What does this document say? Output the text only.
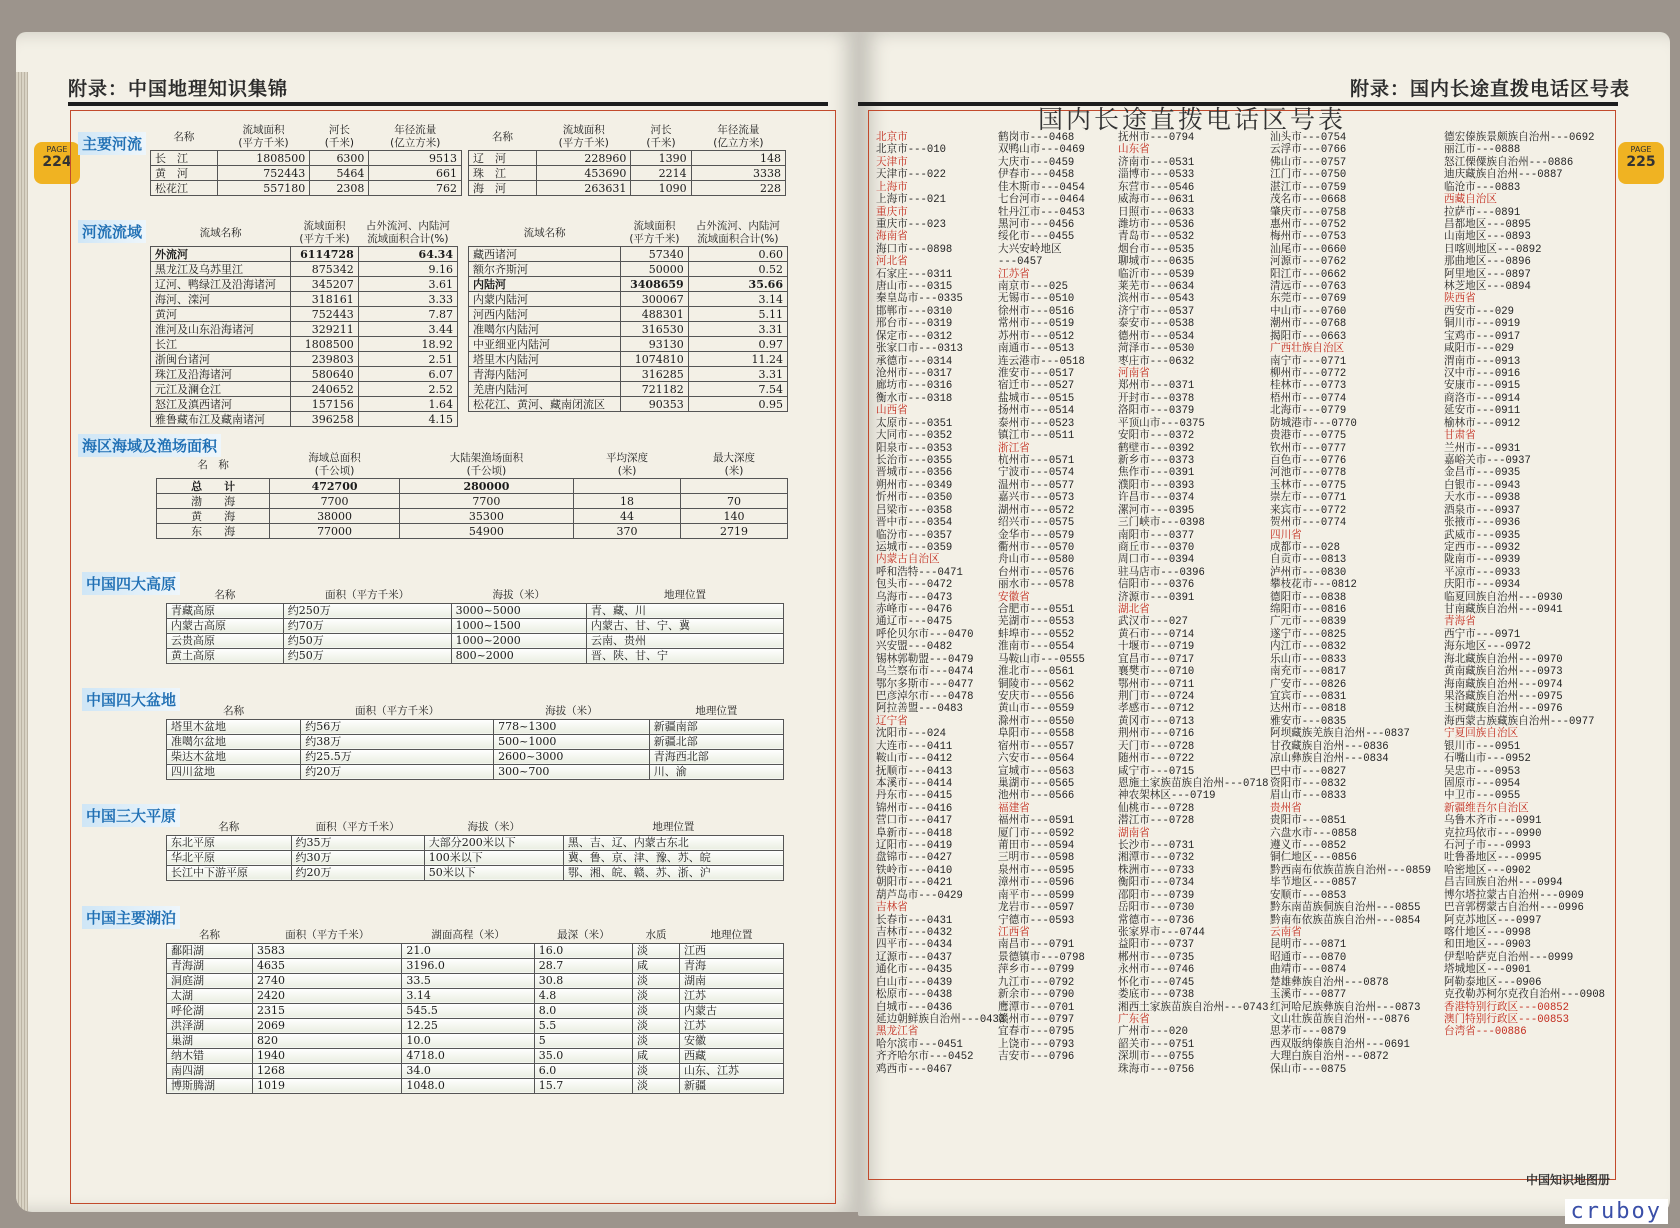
附录：中国地理知识集锦
PAGE
224
主要河流	名称	流域面积
(平方千米)	河长
(千米)	年径流量
(亿立方米)
长　江	1808500	6300	9513
黄　河	752443	5464	661
松花江	557180	2308	762
名称	流域面积
(平方千米)	河长
(千米)	年径流量
(亿立方米)
辽　河	228960	1390	148
珠　江	453690	2214	3338
海　河	263631	1090	228
河流流域	流域名称	流域面积
(平方千米)	占外流河、内陆河
流域面积合计(%)
外流河	6114728	64.34
黑龙江及乌苏里江	875342	9.16
辽河、鸭绿江及沿海诸河	345207	3.61
海河、滦河	318161	3.33
黄河	752443	7.87
淮河及山东沿海诸河	329211	3.44
长江	1808500	18.92
浙闽台诸河	239803	2.51
珠江及沿海诸河	580640	6.07
元江及澜仓江	240652	2.52
怒江及滇西诸河	157156	1.64
雅鲁藏布江及藏南诸河	396258	4.15
流域名称	流域面积
(平方千米)	占外流河、内陆河
流域面积合计(%)
藏西诸河	57340	0.60
额尔齐斯河	50000	0.52
内陆河	3408659	35.66
内蒙内陆河	300067	3.14
河西内陆河	488301	5.11
准噶尔内陆河	316530	3.31
中亚细亚内陆河	93130	0.97
塔里木内陆河	1074810	11.24
青海内陆河	316285	3.31
羌唐内陆河	721182	7.54
松花江、黄河、藏南闭流区	90353	0.95
海区海域及渔场面积
名　称	海域总面积
(千公顷)	大陆架渔场面积
(千公顷)	平均深度
(米)	最大深度
(米)
总　　计	472700	280000		
渤　　海	7700	7700	18	70
黄　　海	38000	35300	44	140
东　　海	77000	54900	370	2719
中国四大高原
名称	面积（平方千米）	海拔（米）	地理位置
青藏高原	约250万	3000~5000	青、藏、川
内蒙古高原	约70万	1000~1500	内蒙古、甘、宁、冀
云贵高原	约50万	1000~2000	云南、贵州
黄土高原	约50万	800~2000	晋、陕、甘、宁
中国四大盆地
名称	面积（平方千米）	海拔（米）	地理位置
塔里木盆地	约56万	778~1300	新疆南部
准噶尔盆地	约38万	500~1000	新疆北部
柴达木盆地	约25.5万	2600~3000	青海西北部
四川盆地	约20万	300~700	川、渝
中国三大平原
名称	面积（平方千米）	海拔（米）	地理位置
东北平原	约35万	大部分200米以下	黑、吉、辽、内蒙古东北
华北平原	约30万	100米以下	冀、鲁、京、津、豫、苏、皖
长江中下游平原	约20万	50米以下	鄂、湘、皖、赣、苏、浙、沪
中国主要湖泊
名称	面积（平方千米）	湖面高程（米）	最深（米）	水质	地理位置
鄱阳湖	3583	21.0	16.0	淡	江西
青海湖	4635	3196.0	28.7	咸	青海
洞庭湖	2740	33.5	30.8	淡	湖南
太湖	2420	3.14	4.8	淡	江苏
呼伦湖	2315	545.5	8.0	淡	内蒙古
洪泽湖	2069	12.25	5.5	淡	江苏
巢湖	820	10.0	5	淡	安徽
纳木错	1940	4718.0	35.0	咸	西藏
南四湖	1268	34.0	6.0	淡	山东、江苏
博斯腾湖	1019	1048.0	15.7	淡	新疆
附录：国内长途直拨电话区号表
PAGE
225
国内长途直拨电话区号表
北京市
北京市---010
天津市
天津市---022
上海市
上海市---021
重庆市
重庆市---023
海南省
海口市---0898
河北省
石家庄---0311
唐山市---0315
秦皇岛市---0335
邯郸市---0310
邢台市---0319
保定市---0312
张家口市---0313
承德市---0314
沧州市---0317
廊坊市---0316
衡水市---0318
山西省
太原市---0351
大同市---0352
阳泉市---0353
长治市---0355
晋城市---0356
朔州市---0349
忻州市---0350
吕梁市---0358
晋中市---0354
临汾市---0357
运城市---0359
内蒙古自治区
呼和浩特---0471
包头市---0472
乌海市---0473
赤峰市---0476
通辽市---0475
呼伦贝尔市---0470
兴安盟---0482
锡林郭勒盟---0479
乌兰察布市---0474
鄂尔多斯市---0477
巴彦淖尔市---0478
阿拉善盟---0483
辽宁省
沈阳市---024
大连市---0411
鞍山市---0412
抚顺市---0413
本溪市---0414
丹东市---0415
锦州市---0416
营口市---0417
阜新市---0418
辽阳市---0419
盘锦市---0427
铁岭市---0410
朝阳市---0421
葫芦岛市---0429
吉林省
长春市---0431
吉林市---0432
四平市---0434
辽源市---0437
通化市---0435
白山市---0439
松原市---0438
白城市---0436
延边朝鲜族自治州---0433
黑龙江省
哈尔滨市---0451
齐齐哈尔市---0452
鸡西市---0467
鹤岗市---0468
双鸭山市---0469
大庆市---0459
伊春市---0458
佳木斯市---0454
七台河市---0464
牡丹江市---0453
黑河市---0456
绥化市---0455
大兴安岭地区
---0457
江苏省
南京市---025
无锡市---0510
徐州市---0516
常州市---0519
苏州市---0512
南通市---0513
连云港市---0518
淮安市---0517
宿迁市---0527
盐城市---0515
扬州市---0514
泰州市---0523
镇江市---0511
浙江省
杭州市---0571
宁波市---0574
温州市---0577
嘉兴市---0573
湖州市---0572
绍兴市---0575
金华市---0579
衢州市---0570
舟山市---0580
台州市---0576
丽水市---0578
安徽省
合肥市---0551
芜湖市---0553
蚌埠市---0552
淮南市---0554
马鞍山市---0555
淮北市---0561
铜陵市---0562
安庆市---0556
黄山市---0559
滁州市---0550
阜阳市---0558
宿州市---0557
六安市---0564
宣城市---0563
巢湖市---0565
池州市---0566
福建省
福州市---0591
厦门市---0592
莆田市---0594
三明市---0598
泉州市---0595
漳州市---0596
南平市---0599
龙岩市---0597
宁德市---0593
江西省
南昌市---0791
景德镇市---0798
萍乡市---0799
九江市---0792
新余市---0790
鹰潭市---0701
赣州市---0797
宜春市---0795
上饶市---0793
吉安市---0796
抚州市---0794
山东省
济南市---0531
淄博市---0533
东营市---0546
威海市---0631
日照市---0633
潍坊市---0536
青岛市---0532
烟台市---0535
聊城市---0635
临沂市---0539
莱芜市---0634
滨州市---0543
济宁市---0537
泰安市---0538
德州市---0534
菏泽市---0530
枣庄市---0632
河南省
郑州市---0371
开封市---0378
洛阳市---0379
平顶山市---0375
安阳市---0372
鹤壁市---0392
新乡市---0373
焦作市---0391
濮阳市---0393
许昌市---0374
漯河市---0395
三门峡市---0398
南阳市---0377
商丘市---0370
周口市---0394
驻马店市---0396
信阳市---0376
济源市---0391
湖北省
武汉市---027
黄石市---0714
十堰市---0719
宜昌市---0717
襄樊市---0710
鄂州市---0711
荆门市---0724
孝感市---0712
黄冈市---0713
荆州市---0716
天门市---0728
随州市---0722
咸宁市---0715
恩施土家族苗族自治州---0718
神农架林区---0719
仙桃市---0728
潜江市---0728
湖南省
长沙市---0731
湘潭市---0732
株洲市---0733
衡阳市---0734
邵阳市---0739
岳阳市---0730
常德市---0736
张家界市---0744
益阳市---0737
郴州市---0735
永州市---0746
怀化市---0745
娄底市---0738
湘西土家族苗族自治州---0743
广东省
广州市---020
韶关市---0751
深圳市---0755
珠海市---0756
汕头市---0754
云浮市---0766
佛山市---0757
江门市---0750
湛江市---0759
茂名市---0668
肇庆市---0758
惠州市---0752
梅州市---0753
汕尾市---0660
河源市---0762
阳江市---0662
清远市---0763
东莞市---0769
中山市---0760
潮州市---0768
揭阳市---0663
广西壮族自治区
南宁市---0771
柳州市---0772
桂林市---0773
梧州市---0774
北海市---0779
防城港市---0770
贵港市---0775
钦州市---0777
百色市---0776
河池市---0778
玉林市---0775
崇左市---0771
来宾市---0772
贺州市---0774
四川省
成都市---028
自贡市---0813
泸州市---0830
攀枝花市---0812
德阳市---0838
绵阳市---0816
广元市---0839
遂宁市---0825
内江市---0832
乐山市---0833
南充市---0817
广安市---0826
宜宾市---0831
达州市---0818
雅安市---0835
阿坝藏族羌族自治州---0837
甘孜藏族自治州---0836
凉山彝族自治州---0834
巴中市---0827
资阳市---0832
眉山市---0833
贵州省
贵阳市---0851
六盘水市---0858
遵义市---0852
铜仁地区---0856
黔西南布依族苗族自治州---0859
毕节地区---0857
安顺市---0853
黔东南苗族侗族自治州---0855
黔南布依族苗族自治州---0854
云南省
昆明市---0871
昭通市---0870
曲靖市---0874
楚雄彝族自治州---0878
玉溪市---0877
红河哈尼族彝族自治州---0873
文山壮族苗族自治州---0876
思茅市---0879
西双版纳傣族自治州---0691
大理白族自治州---0872
保山市---0875
德宏傣族景颇族自治州---0692
丽江市---0888
怒江傈僳族自治州---0886
迪庆藏族自治州---0887
临沧市---0883
西藏自治区
拉萨市---0891
昌都地区---0895
山南地区---0893
日喀则地区---0892
那曲地区---0896
阿里地区---0897
林芝地区---0894
陕西省
西安市---029
铜川市---0919
宝鸡市---0917
咸阳市---029
渭南市---0913
汉中市---0916
安康市---0915
商洛市---0914
延安市---0911
榆林市---0912
甘肃省
兰州市---0931
嘉峪关市---0937
金昌市---0935
白银市---0943
天水市---0938
酒泉市---0937
张掖市---0936
武威市---0935
定西市---0932
陇南市---0939
平凉市---0933
庆阳市---0934
临夏回族自治州---0930
甘南藏族自治州---0941
青海省
西宁市---0971
海东地区---0972
海北藏族自治州---0970
黄南藏族自治州---0973
海南藏族自治州---0974
果洛藏族自治州---0975
玉树藏族自治州---0976
海西蒙古族藏族自治州---0977
宁夏回族自治区
银川市---0951
石嘴山市---0952
吴忠市---0953
固原市---0954
中卫市---0955
新疆维吾尔自治区
乌鲁木齐市---0991
克拉玛依市---0990
石河子市---0993
吐鲁番地区---0995
哈密地区---0902
昌吉回族自治州---0994
博尔塔拉蒙古自治州---0909
巴音郭楞蒙古自治州---0996
阿克苏地区---0997
喀什地区---0998
和田地区---0903
伊犁哈萨克自治州---0999
塔城地区---0901
阿勒泰地区---0906
克孜勒苏柯尔克孜自治州---0908
香港特别行政区---00852
澳门特别行政区---00853
台湾省---00886
中国知识地图册
cruboy
